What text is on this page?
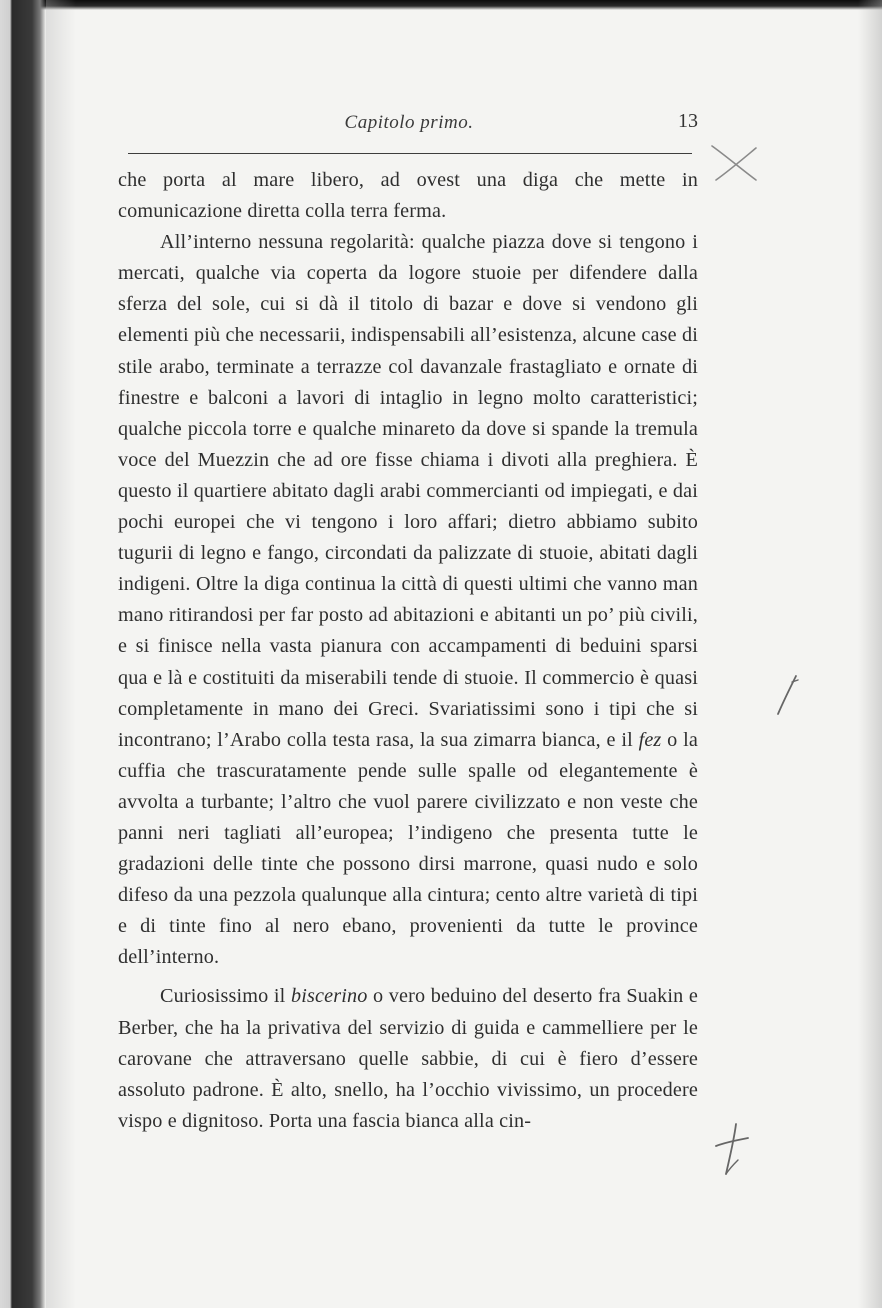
Capitolo primo.	13

che porta al mare libero, ad ovest una diga che mette in comunicazione diretta colla terra ferma.

All’interno nessuna regolarità: qualche piazza dove si tengono i mercati, qualche via coperta da logore stuoie per difendere dalla sferza del sole, cui si dà il titolo di bazar e dove si vendono gli elementi più che necessarii, indispensabili all’esistenza, alcune case di stile arabo, terminate a terrazze col davanzale frastagliato e ornate di finestre e balconi a lavori di intaglio in legno molto caratteristici; qualche piccola torre e qualche minareto da dove si spande la tremula voce del Muezzin che ad ore fisse chiama i divoti alla preghiera. È questo il quartiere abitato dagli arabi commercianti od impiegati, e dai pochi europei che vi tengono i loro affari; dietro abbiamo subito tugurii di legno e fango, circondati da palizzate di stuoie, abitati dagli indigeni. Oltre la diga continua la città di questi ultimi che vanno man mano ritirandosi per far posto ad abitazioni e abitanti un po’ più civili, e si finisce nella vasta pianura con accampamenti di beduini sparsi qua e là e costituiti da miserabili tende di stuoie. Il commercio è quasi completamente in mano dei Greci. Svariatissimi sono i tipi che si incontrano; l’Arabo colla testa rasa, la sua zimarra bianca, e il fez o la cuffia che trascuratamente pende sulle spalle od elegantemente è avvolta a turbante; l’altro che vuol parere civilizzato e non veste che panni neri tagliati all’europea; l’indigeno che presenta tutte le gradazioni delle tinte che possono dirsi marrone, quasi nudo e solo difeso da una pezzola qualunque alla cintura; cento altre varietà di tipi e di tinte fino al nero ebano, provenienti da tutte le province dell’interno.

Curiosissimo il biscerino o vero beduino del deserto fra Suakin e Berber, che ha la privativa del servizio di guida e cammelliere per le carovane che attraversano quelle sabbie, di cui è fiero d’essere assoluto padrone. È alto, snello, ha l’occhio vivissimo, un procedere vispo e dignitoso. Porta una fascia bianca alla cin-
